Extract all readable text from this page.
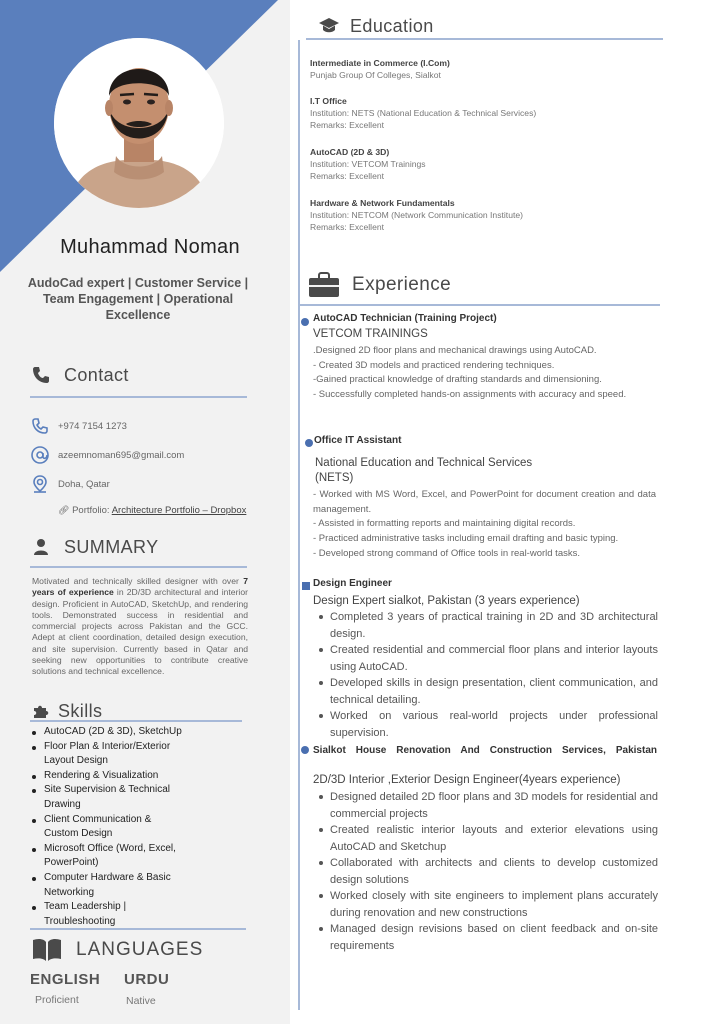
Muhammad Noman
AudoCad expert | Customer Service | Team Engagement | Operational Excellence
Contact
+974 7154 1273
azeemnoman695@gmail.com
Doha, Qatar
🔗︎ Portfolio: Architecture Portfolio – Dropbox
SUMMARY
Motivated and technically skilled designer with over 7 years of experience in 2D/3D architectural and interior design. Proficient in AutoCAD, SketchUp, and rendering tools. Demonstrated success in residential and commercial projects across Pakistan and the GCC. Adept at client coordination, detailed design execution, and site supervision. Currently based in Qatar and seeking new opportunities to contribute creative solutions and technical excellence.
Skills
AutoCAD (2D & 3D), SketchUp
Floor Plan & Interior/Exterior Layout Design
Rendering & Visualization
Site Supervision & Technical Drawing
Client Communication & Custom Design
Microsoft Office (Word, Excel, PowerPoint)
Computer Hardware & Basic Networking
Team Leadership | Troubleshooting
LANGUAGES
ENGLISH
Proficient
URDU
Native
Education
Intermediate in Commerce (I.Com)
Punjab Group Of Colleges, Sialkot
I.T Office
Institution: NETS (National Education & Technical Services)
Remarks: Excellent
AutoCAD (2D & 3D)
Institution: VETCOM Trainings
Remarks: Excellent
Hardware & Network Fundamentals
Institution: NETCOM (Network Communication Institute)
Remarks: Excellent
Experience
AutoCAD Technician (Training Project)
VETCOM TRAININGS
.Designed 2D floor plans and mechanical drawings using AutoCAD.
- Created 3D models and practiced rendering techniques.
-Gained practical knowledge of drafting standards and dimensioning.
- Successfully completed hands-on assignments with accuracy and speed.
Office IT Assistant
National Education and Technical Services (NETS)
- Worked with MS Word, Excel, and PowerPoint for document creation and data management.
- Assisted in formatting reports and maintaining digital records.
- Practiced administrative tasks including email drafting and basic typing.
- Developed strong command of Office tools in real-world tasks.
Design Engineer
Design Expert sialkot, Pakistan (3 years experience)
Completed 3 years of practical training in 2D and 3D architectural design.
Created residential and commercial floor plans and interior layouts using AutoCAD.
Developed skills in design presentation, client communication, and technical detailing.
Worked on various real-world projects under professional supervision.
Sialkot House Renovation And Construction Services, Pakistan
2D/3D Interior ,Exterior Design Engineer(4years experience)
Designed detailed 2D floor plans and 3D models for residential and commercial projects
Created realistic interior layouts and exterior elevations using AutoCAD and Sketchup
Collaborated with architects and clients to develop customized design solutions
Worked closely with site engineers to implement plans accurately during renovation and new constructions
Managed design revisions based on client feedback and on-site requirements
